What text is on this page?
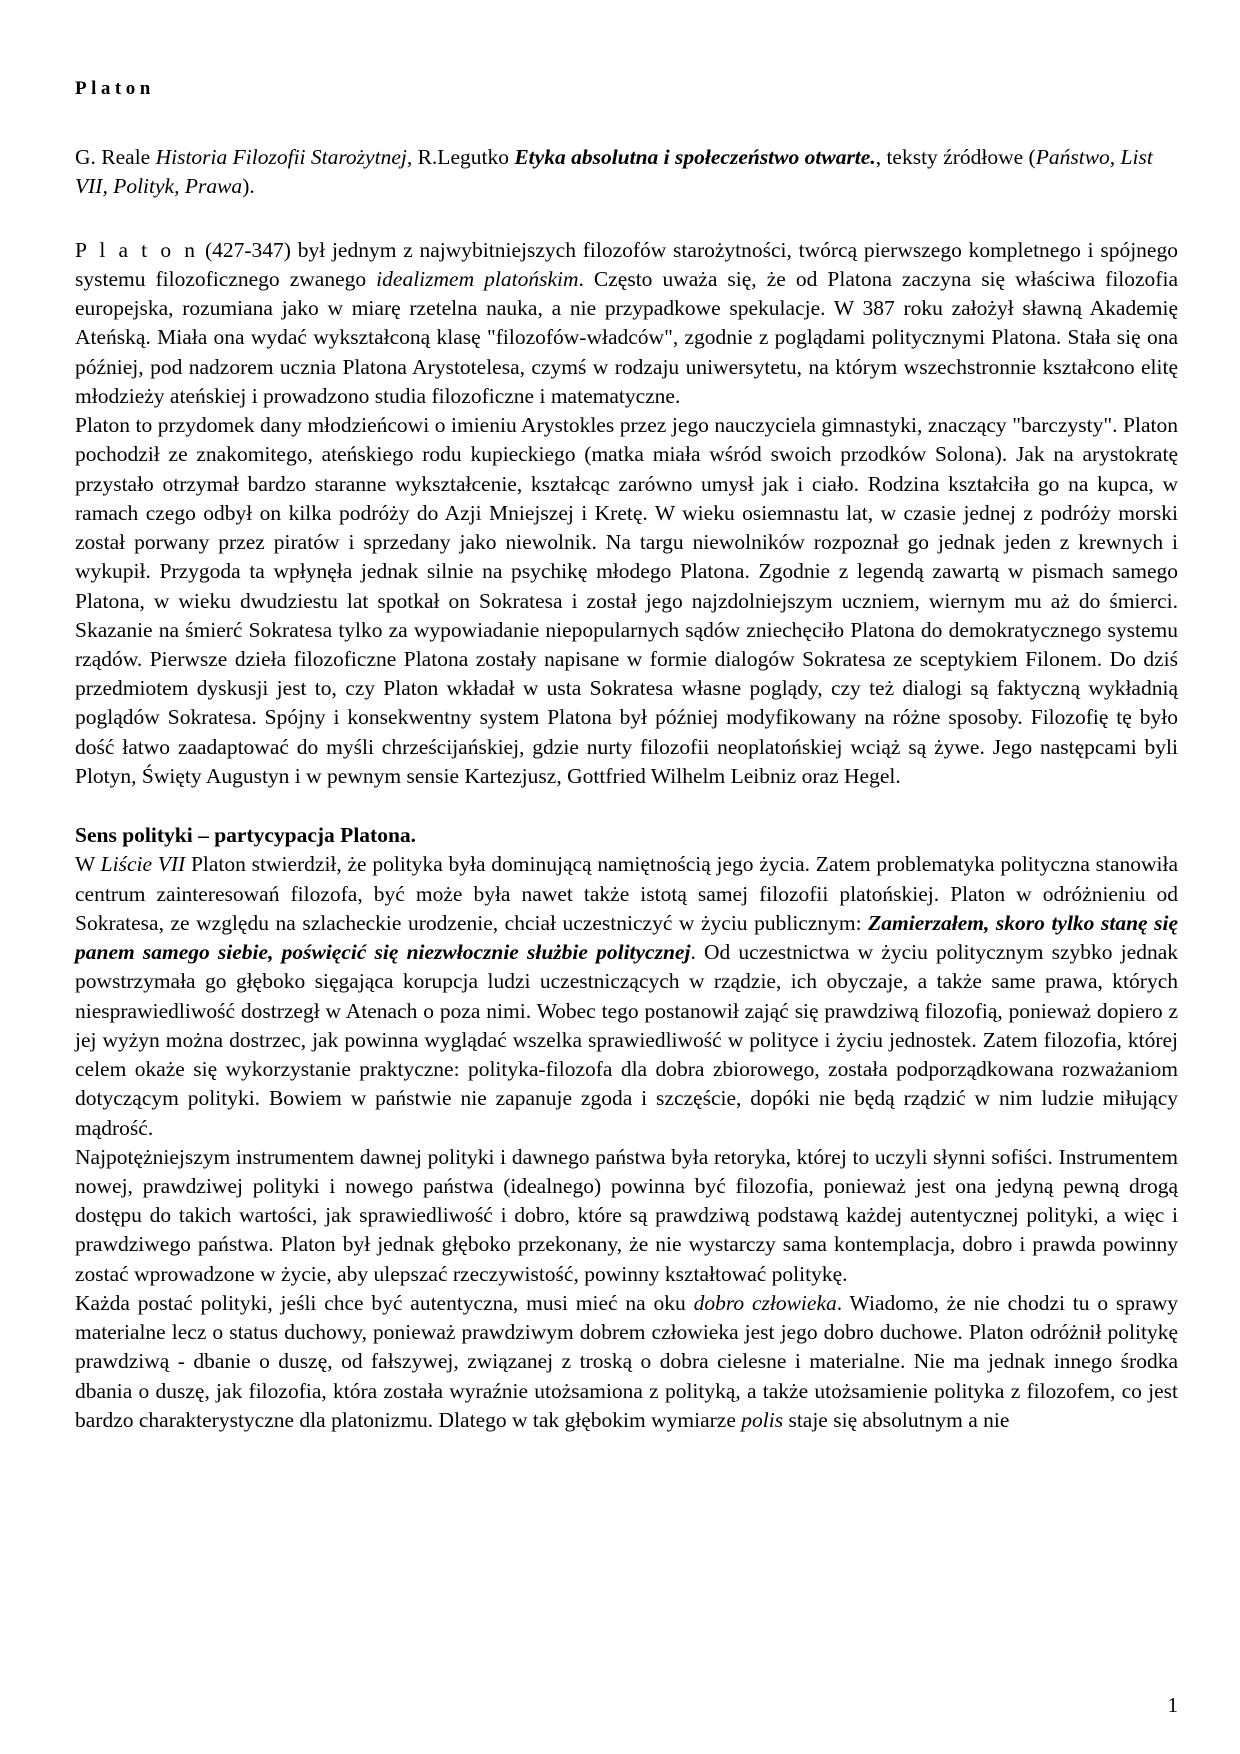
Platon

G. Reale Historia Filozofii Starożytnej, R.Legutko Etyka absolutna i społeczeństwo otwarte., teksty źródłowe (Państwo, List VII, Polityk, Prawa).

P l a t o n (427-347) był jednym z najwybitniejszych filozofów starożytności, twórcą pierwszego kompletnego i spójnego systemu filozoficznego zwanego idealizmem platońskim. Często uważa się, że od Platona zaczyna się właściwa filozofia europejska, rozumiana jako w miarę rzetelna nauka, a nie przypadkowe spekulacje. W 387 roku założył sławną Akademię Ateńską. Miała ona wydać wykształconą klasę "filozofów-władców", zgodnie z poglądami politycznymi Platona. Stała się ona później, pod nadzorem ucznia Platona Arystotelesa, czymś w rodzaju uniwersytetu, na którym wszechstronnie kształcono elitę młodzieży ateńskiej i prowadzono studia filozoficzne i matematyczne.

Platon to przydomek dany młodzieńcowi o imieniu Arystokles przez jego nauczyciela gimnastyki, znaczący "barczysty". Platon pochodził ze znakomitego, ateńskiego rodu kupieckiego (matka miała wśród swoich przodków Solona). Jak na arystokratę przystało otrzymał bardzo staranne wykształcenie, kształcąc zarówno umysł jak i ciało. Rodzina kształciła go na kupca, w ramach czego odbył on kilka podróży do Azji Mniejszej i Kretę. W wieku osiemnastu lat, w czasie jednej z podróży morski został porwany przez piratów i sprzedany jako niewolnik. Na targu niewolników rozpoznał go jednak jeden z krewnych i wykupił. Przygoda ta wpłynęła jednak silnie na psychikę młodego Platona. Zgodnie z legendą zawartą w pismach samego Platona, w wieku dwudziestu lat spotkał on Sokratesa i został jego najzdolniejszym uczniem, wiernym mu aż do śmierci. Skazanie na śmierć Sokratesa tylko za wypowiadanie niepopularnych sądów zniechęciło Platona do demokratycznego systemu rządów. Pierwsze dzieła filozoficzne Platona zostały napisane w formie dialogów Sokratesa ze sceptykiem Filonem. Do dziś przedmiotem dyskusji jest to, czy Platon wkładał w usta Sokratesa własne poglądy, czy też dialogi są faktyczną wykładnią poglądów Sokratesa. Spójny i konsekwentny system Platona był później modyfikowany na różne sposoby. Filozofię tę było dość łatwo zaadaptować do myśli chrześcijańskiej, gdzie nurty filozofii neoplatońskiej wciąż są żywe. Jego następcami byli Plotyn, Święty Augustyn i w pewnym sensie Kartezjusz, Gottfried Wilhelm Leibniz oraz Hegel.

Sens polityki – partycypacja Platona.

W Liście VII Platon stwierdził, że polityka była dominującą namiętnością jego życia. Zatem problematyka polityczna stanowiła centrum zainteresowań filozofa, być może była nawet także istotą samej filozofii platońskiej. Platon w odróżnieniu od Sokratesa, ze względu na szlacheckie urodzenie, chciał uczestniczyć w życiu publicznym: Zamierzałem, skoro tylko stanę się panem samego siebie, poświęcić się niezwłocznie służbie politycznej. Od uczestnictwa w życiu politycznym szybko jednak powstrzymała go głęboko sięgająca korupcja ludzi uczestniczących w rządzie, ich obyczaje, a także same prawa, których niesprawiedliwość dostrzegł w Atenach o poza nimi. Wobec tego postanowił zająć się prawdziwą filozofią, ponieważ dopiero z jej wyżyn można dostrzec, jak powinna wyglądać wszelka sprawiedliwość w polityce i życiu jednostek. Zatem filozofia, której celem okaże się wykorzystanie praktyczne: polityka-filozofa dla dobra zbiorowego, została podporządkowana rozważaniom dotyczącym polityki. Bowiem w państwie nie zapanuje zgoda i szczęście, dopóki nie będą rządzić w nim ludzie miłujący mądrość.

Najpotężniejszym instrumentem dawnej polityki i dawnego państwa była retoryka, której to uczyli słynni sofiści. Instrumentem nowej, prawdziwej polityki i nowego państwa (idealnego) powinna być filozofia, ponieważ jest ona jedyną pewną drogą dostępu do takich wartości, jak sprawiedliwość i dobro, które są prawdziwą podstawą każdej autentycznej polityki, a więc i prawdziwego państwa. Platon był jednak głęboko przekonany, że nie wystarczy sama kontemplacja, dobro i prawda powinny zostać wprowadzone w życie, aby ulepszać rzeczywistość, powinny kształtować politykę.

Każda postać polityki, jeśli chce być autentyczna, musi mieć na oku dobro człowieka. Wiadomo, że nie chodzi tu o sprawy materialne lecz o status duchowy, ponieważ prawdziwym dobrem człowieka jest jego dobro duchowe. Platon odróżnił politykę prawdziwą - dbanie o duszę, od fałszywej, związanej z troską o dobra cielesne i materialne. Nie ma jednak innego środka dbania o duszę, jak filozofia, która została wyraźnie utożsamiona z polityką, a także utożsamienie polityka z filozofem, co jest bardzo charakterystyczne dla platonizmu. Dlatego w tak głębokim wymiarze polis staje się absolutnym a nie

1
